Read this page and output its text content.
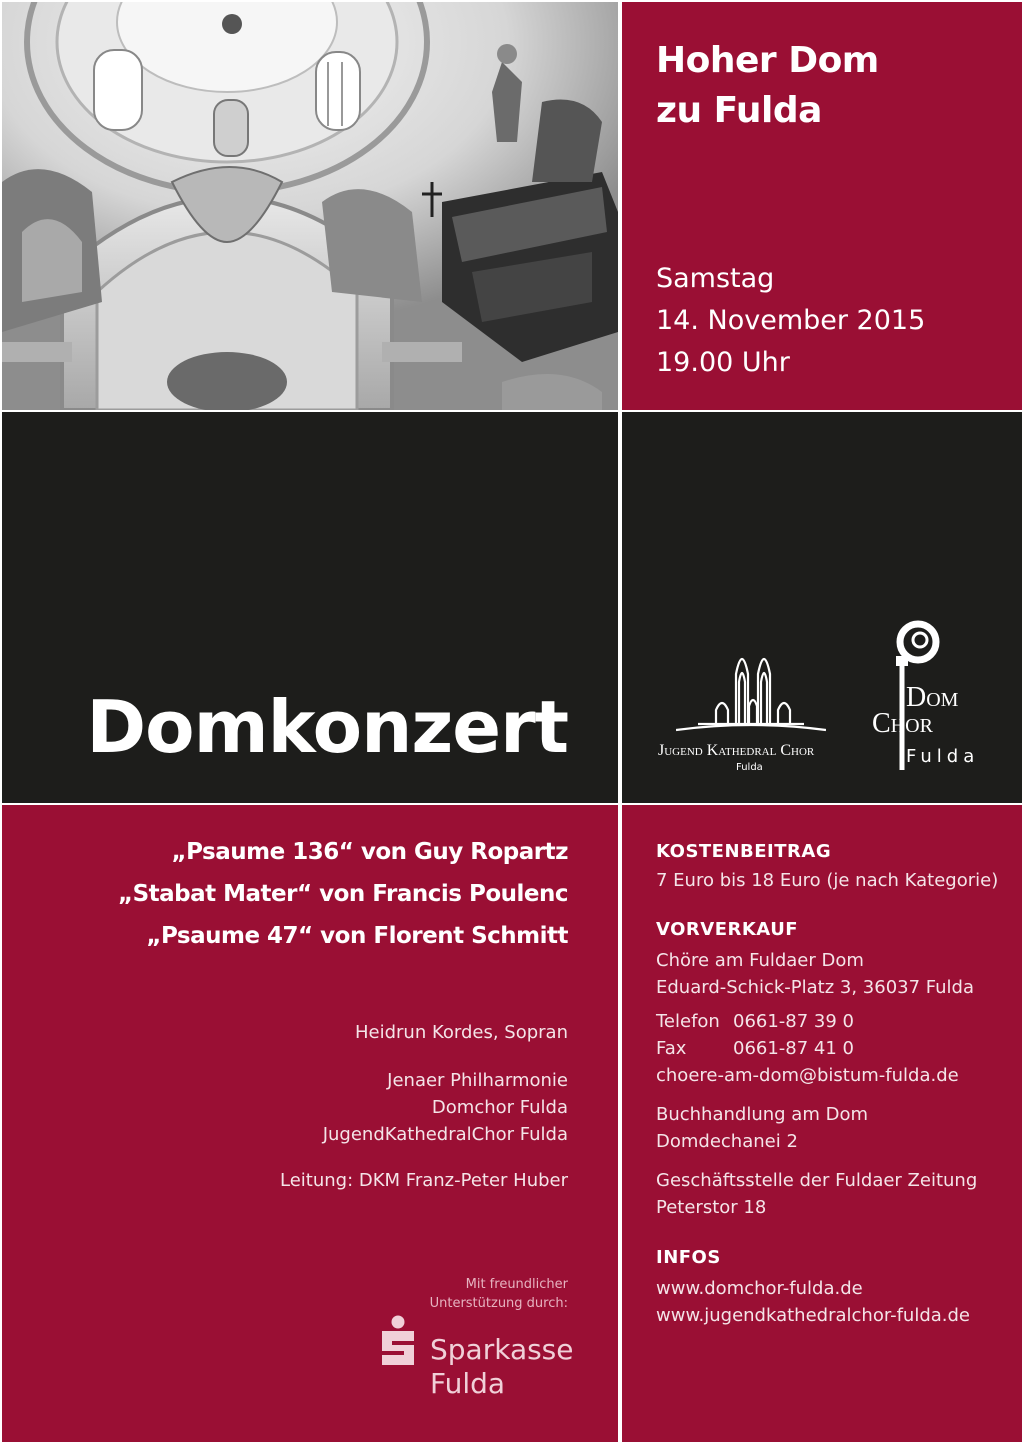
Hoher Dom
zu Fulda
Samstag
14. November 2015
19.00 Uhr
Domkonzert	Jugend Kathedral Chor
Fulda
Dom
Chor
Fulda
„Psaume 136“ von Guy Ropartz
„Stabat Mater“ von Francis Poulenc
„Psaume 47“ von Florent Schmitt
Heidrun Kordes, Sopran
Jenaer Philharmonie
Domchor Fulda
JugendKathedralChor Fulda
Leitung: DKM Franz-Peter Huber
Mit freundlicher
Unterstützung durch:
Sparkasse
Fulda
KOSTENBEITRAG
7 Euro bis 18 Euro (je nach Kategorie)
VORVERKAUF
Chöre am Fuldaer Dom
Eduard-Schick-Platz 3, 36037 Fulda
Telefon 0661-87 39 0
Fax	0661-87 41 0
choere-am-dom@bistum-fulda.de
Buchhandlung am Dom
Domdechanei 2
Geschäftsstelle der Fuldaer Zeitung
Peterstor 18
INFOS
www.domchor-fulda.de
www.jugendkathedralchor-fulda.de
